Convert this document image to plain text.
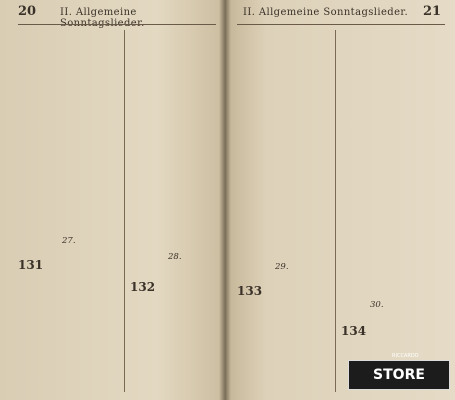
20 II. Allgemeine
27.
131
28.
132
21
II. Allgemeine Sonntagslieder.
29.
133
30.
134
RICCARDO
STORE
